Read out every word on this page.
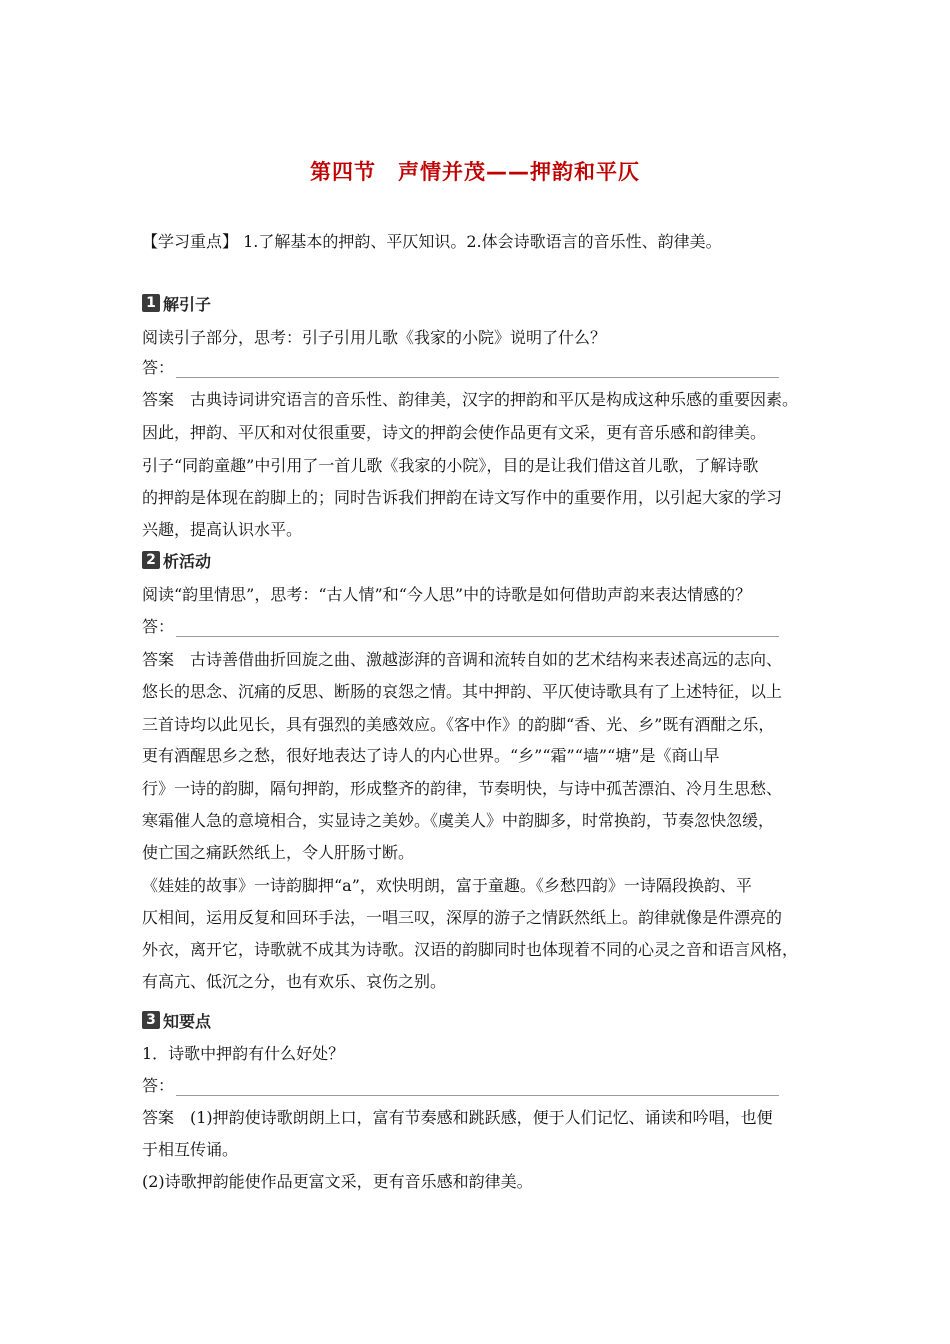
第四节　声情并茂——押韵和平仄
【学习重点】 1.了解基本的押韵、平仄知识。2.体会诗歌语言的音乐性、韵律美。
1 解引子
阅读引子部分，思考：引子引用儿歌《我家的小院》说明了什么？
答：
答案　古典诗词讲究语言的音乐性、韵律美，汉字的押韵和平仄是构成这种乐感的重要因素。
因此，押韵、平仄和对仗很重要，诗文的押韵会使作品更有文采，更有音乐感和韵律美。
引子“同韵童趣”中引用了一首儿歌《我家的小院》，目的是让我们借这首儿歌，了解诗歌
的押韵是体现在韵脚上的；同时告诉我们押韵在诗文写作中的重要作用，以引起大家的学习
兴趣，提高认识水平。
2 析活动
阅读“韵里情思”，思考：“古人情”和“今人思”中的诗歌是如何借助声韵来表达情感的？
答：
答案　古诗善借曲折回旋之曲、激越澎湃的音调和流转自如的艺术结构来表述高远的志向、
悠长的思念、沉痛的反思、断肠的哀怨之情。其中押韵、平仄使诗歌具有了上述特征，以上
三首诗均以此见长，具有强烈的美感效应。《客中作》的韵脚“香、光、乡”既有酒酣之乐，
更有酒醒思乡之愁，很好地表达了诗人的内心世界。“乡”“霜”“墙”“塘”是《商山早
行》一诗的韵脚，隔句押韵，形成整齐的韵律，节奏明快，与诗中孤苦漂泊、冷月生思愁、
寒霜催人急的意境相合，实显诗之美妙。《虞美人》中韵脚多，时常换韵，节奏忽快忽缓，
使亡国之痛跃然纸上，令人肝肠寸断。
《娃娃的故事》一诗韵脚押“a”，欢快明朗，富于童趣。《乡愁四韵》一诗隔段换韵、平
仄相间，运用反复和回环手法，一唱三叹，深厚的游子之情跃然纸上。韵律就像是件漂亮的
外衣，离开它，诗歌就不成其为诗歌。汉语的韵脚同时也体现着不同的心灵之音和语言风格，
有高亢、低沉之分，也有欢乐、哀伤之别。
3 知要点
1．诗歌中押韵有什么好处？
答：
答案　(1)押韵使诗歌朗朗上口，富有节奏感和跳跃感，便于人们记忆、诵读和吟唱，也便
于相互传诵。
(2)诗歌押韵能使作品更富文采，更有音乐感和韵律美。
